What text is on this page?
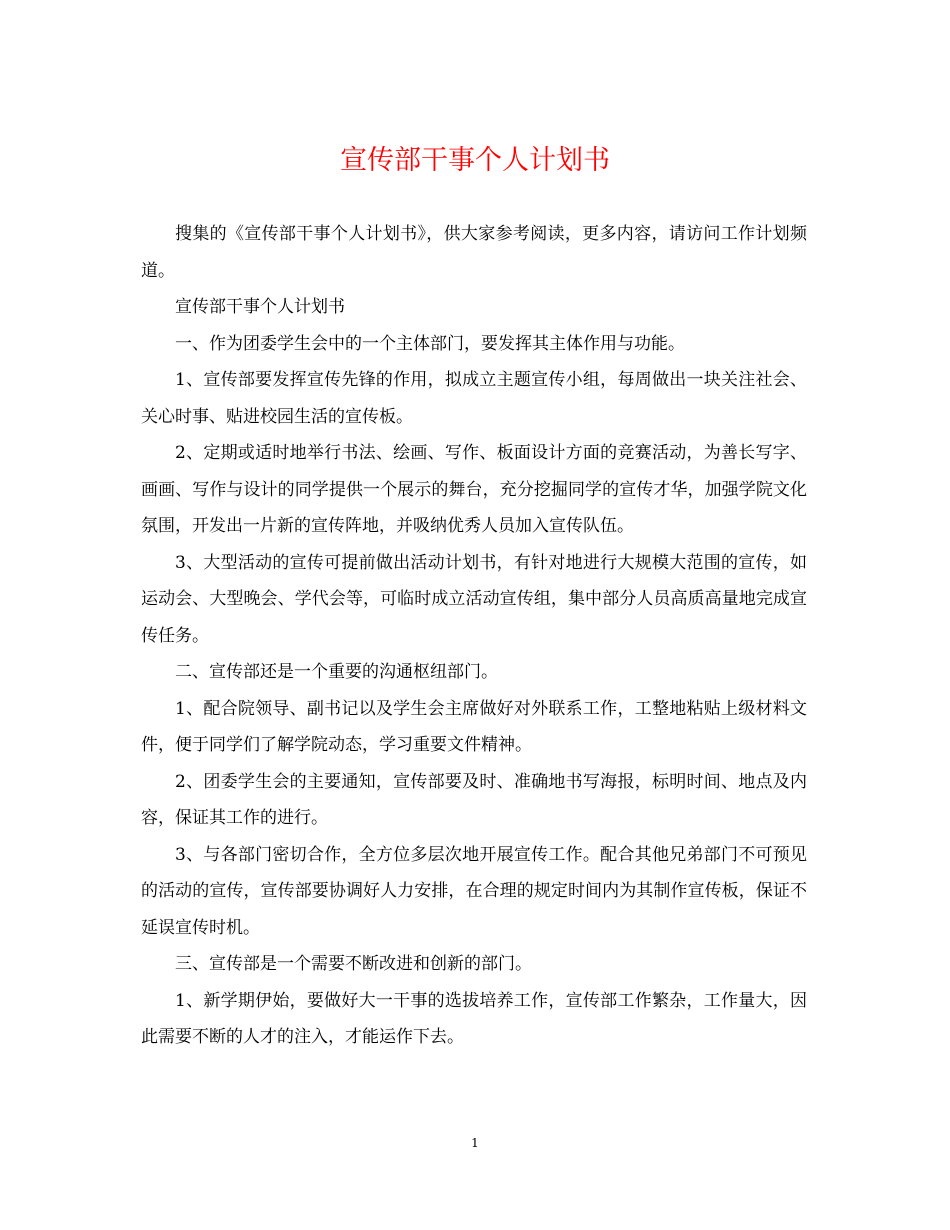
宣传部干事个人计划书

搜集的《宣传部干事个人计划书》，供大家参考阅读，更多内容，请访问工作计划频道。

宣传部干事个人计划书

一、作为团委学生会中的一个主体部门，要发挥其主体作用与功能。

1、宣传部要发挥宣传先锋的作用，拟成立主题宣传小组，每周做出一块关注社会、关心时事、贴进校园生活的宣传板。

2、定期或适时地举行书法、绘画、写作、板面设计方面的竞赛活动，为善长写字、画画、写作与设计的同学提供一个展示的舞台，充分挖掘同学的宣传才华，加强学院文化氛围，开发出一片新的宣传阵地，并吸纳优秀人员加入宣传队伍。

3、大型活动的宣传可提前做出活动计划书，有针对地进行大规模大范围的宣传，如运动会、大型晚会、学代会等，可临时成立活动宣传组，集中部分人员高质高量地完成宣传任务。

二、宣传部还是一个重要的沟通枢纽部门。

1、配合院领导、副书记以及学生会主席做好对外联系工作，工整地粘贴上级材料文件，便于同学们了解学院动态，学习重要文件精神。

2、团委学生会的主要通知，宣传部要及时、准确地书写海报，标明时间、地点及内容，保证其工作的进行。

3、与各部门密切合作，全方位多层次地开展宣传工作。配合其他兄弟部门不可预见的活动的宣传，宣传部要协调好人力安排，在合理的规定时间内为其制作宣传板，保证不延误宣传时机。

三、宣传部是一个需要不断改进和创新的部门。

1、新学期伊始，要做好大一干事的选拔培养工作，宣传部工作繁杂，工作量大，因此需要不断的人才的注入，才能运作下去。

1
